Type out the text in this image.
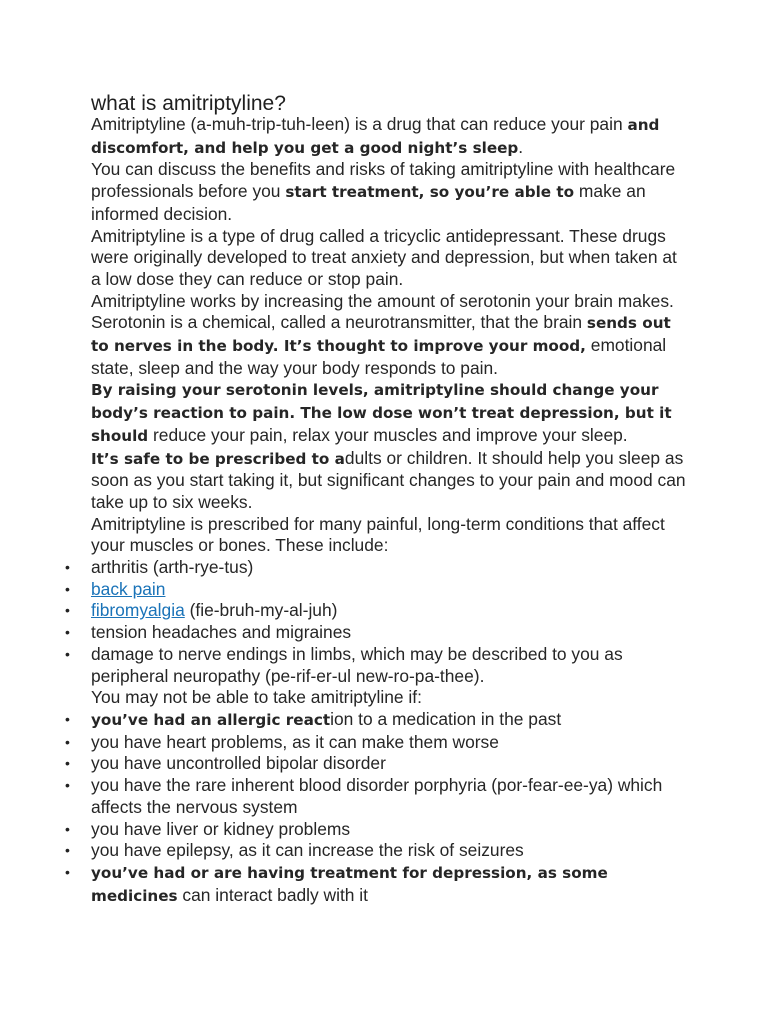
what is amitriptyline?

Amitriptyline (a-muh-trip-tuh-leen) is a drug that can reduce your pain and discomfort, and help you get a good night’s sleep.

You can discuss the benefits and risks of taking amitriptyline with healthcare professionals before you start treatment, so you’re able to make an informed decision.

Amitriptyline is a type of drug called a tricyclic antidepressant. These drugs were originally developed to treat anxiety and depression, but when taken at a low dose they can reduce or stop pain.

Amitriptyline works by increasing the amount of serotonin your brain makes. Serotonin is a chemical, called a neurotransmitter, that the brain sends out to nerves in the body. It’s thought to improve your mood, emotional state, sleep and the way your body responds to pain.

By raising your serotonin levels, amitriptyline should change your body’s reaction to pain. The low dose won’t treat depression, but it should reduce your pain, relax your muscles and improve your sleep.

It’s safe to be prescribed to adults or children. It should help you sleep as soon as you start taking it, but significant changes to your pain and mood can take up to six weeks.

Amitriptyline is prescribed for many painful, long-term conditions that affect your muscles or bones. These include:

• arthritis (arth-rye-tus)
• back pain
• fibromyalgia (fie-bruh-my-al-juh)
• tension headaches and migraines
• damage to nerve endings in limbs, which may be described to you as peripheral neuropathy (pe-rif-er-ul new-ro-pa-thee).

You may not be able to take amitriptyline if:

• you’ve had an allergic reaction to a medication in the past
• you have heart problems, as it can make them worse
• you have uncontrolled bipolar disorder
• you have the rare inherent blood disorder porphyria (por-fear-ee-ya) which affects the nervous system
• you have liver or kidney problems
• you have epilepsy, as it can increase the risk of seizures
• you’ve had or are having treatment for depression, as some medicines can interact badly with it
